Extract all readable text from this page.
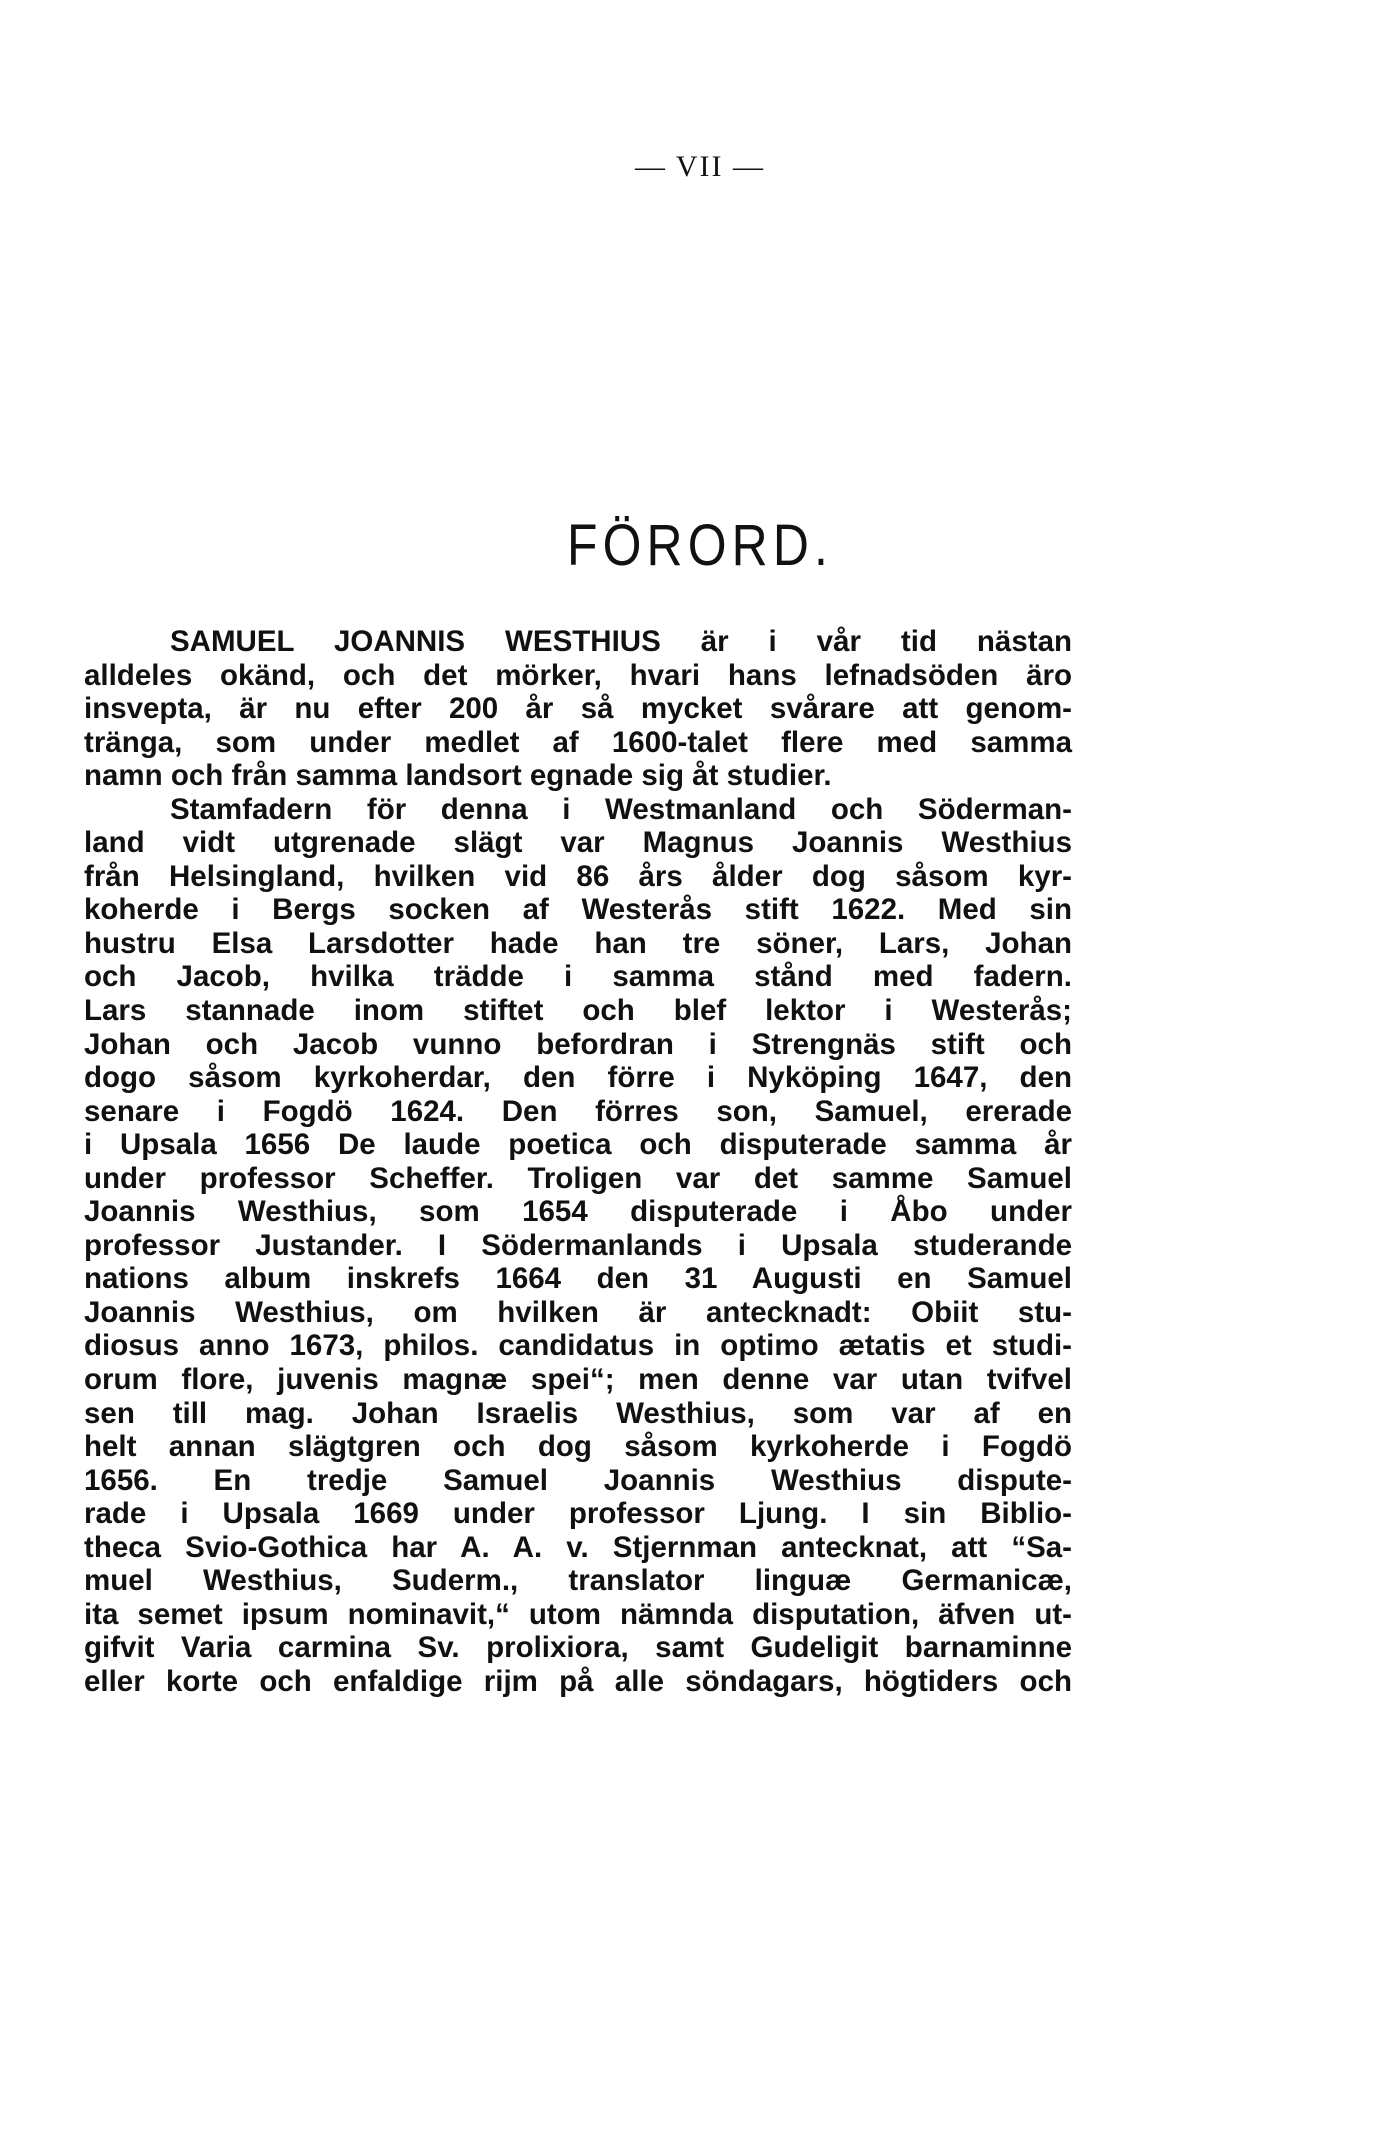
— VII —
FÖRORD.
SAMUEL JOANNIS WESTHIUS är i vår tid nästan
alldeles okänd, och det mörker, hvari hans lefnadsöden äro
insvepta, är nu efter 200 år så mycket svårare att genom-
tränga, som under medlet af 1600-talet flere med samma
namn och från samma landsort egnade sig åt studier.
Stamfadern för denna i Westmanland och Söderman-
land vidt utgrenade slägt var Magnus Joannis Westhius
från Helsingland, hvilken vid 86 års ålder dog såsom kyr-
koherde i Bergs socken af Westerås stift 1622. Med sin
hustru Elsa Larsdotter hade han tre söner, Lars, Johan
och Jacob, hvilka trädde i samma stånd med fadern.
Lars stannade inom stiftet och blef lektor i Westerås;
Johan och Jacob vunno befordran i Strengnäs stift och
dogo såsom kyrkoherdar, den förre i Nyköping 1647, den
senare i Fogdö 1624. Den förres son, Samuel, ererade
i Upsala 1656 De laude poetica och disputerade samma år
under professor Scheffer. Troligen var det samme Samuel
Joannis Westhius, som 1654 disputerade i Åbo under
professor Justander. I Södermanlands i Upsala studerande
nations album inskrefs 1664 den 31 Augusti en Samuel
Joannis Westhius, om hvilken är antecknadt: Obiit stu-
diosus anno 1673, philos. candidatus in optimo ætatis et studi-
orum flore, juvenis magnæ spei“; men denne var utan tvifvel
sen till mag. Johan Israelis Westhius, som var af en
helt annan slägtgren och dog såsom kyrkoherde i Fogdö
1656. En tredje Samuel Joannis Westhius dispute-
rade i Upsala 1669 under professor Ljung. I sin Biblio-
theca Svio-Gothica har A. A. v. Stjernman antecknat, att “Sa-
muel Westhius, Suderm., translator linguæ Germanicæ,
ita semet ipsum nominavit,“ utom nämnda disputation, äfven ut-
gifvit Varia carmina Sv. prolixiora, samt Gudeligit barnaminne
eller korte och enfaldige rijm på alle söndagars, högtiders och
